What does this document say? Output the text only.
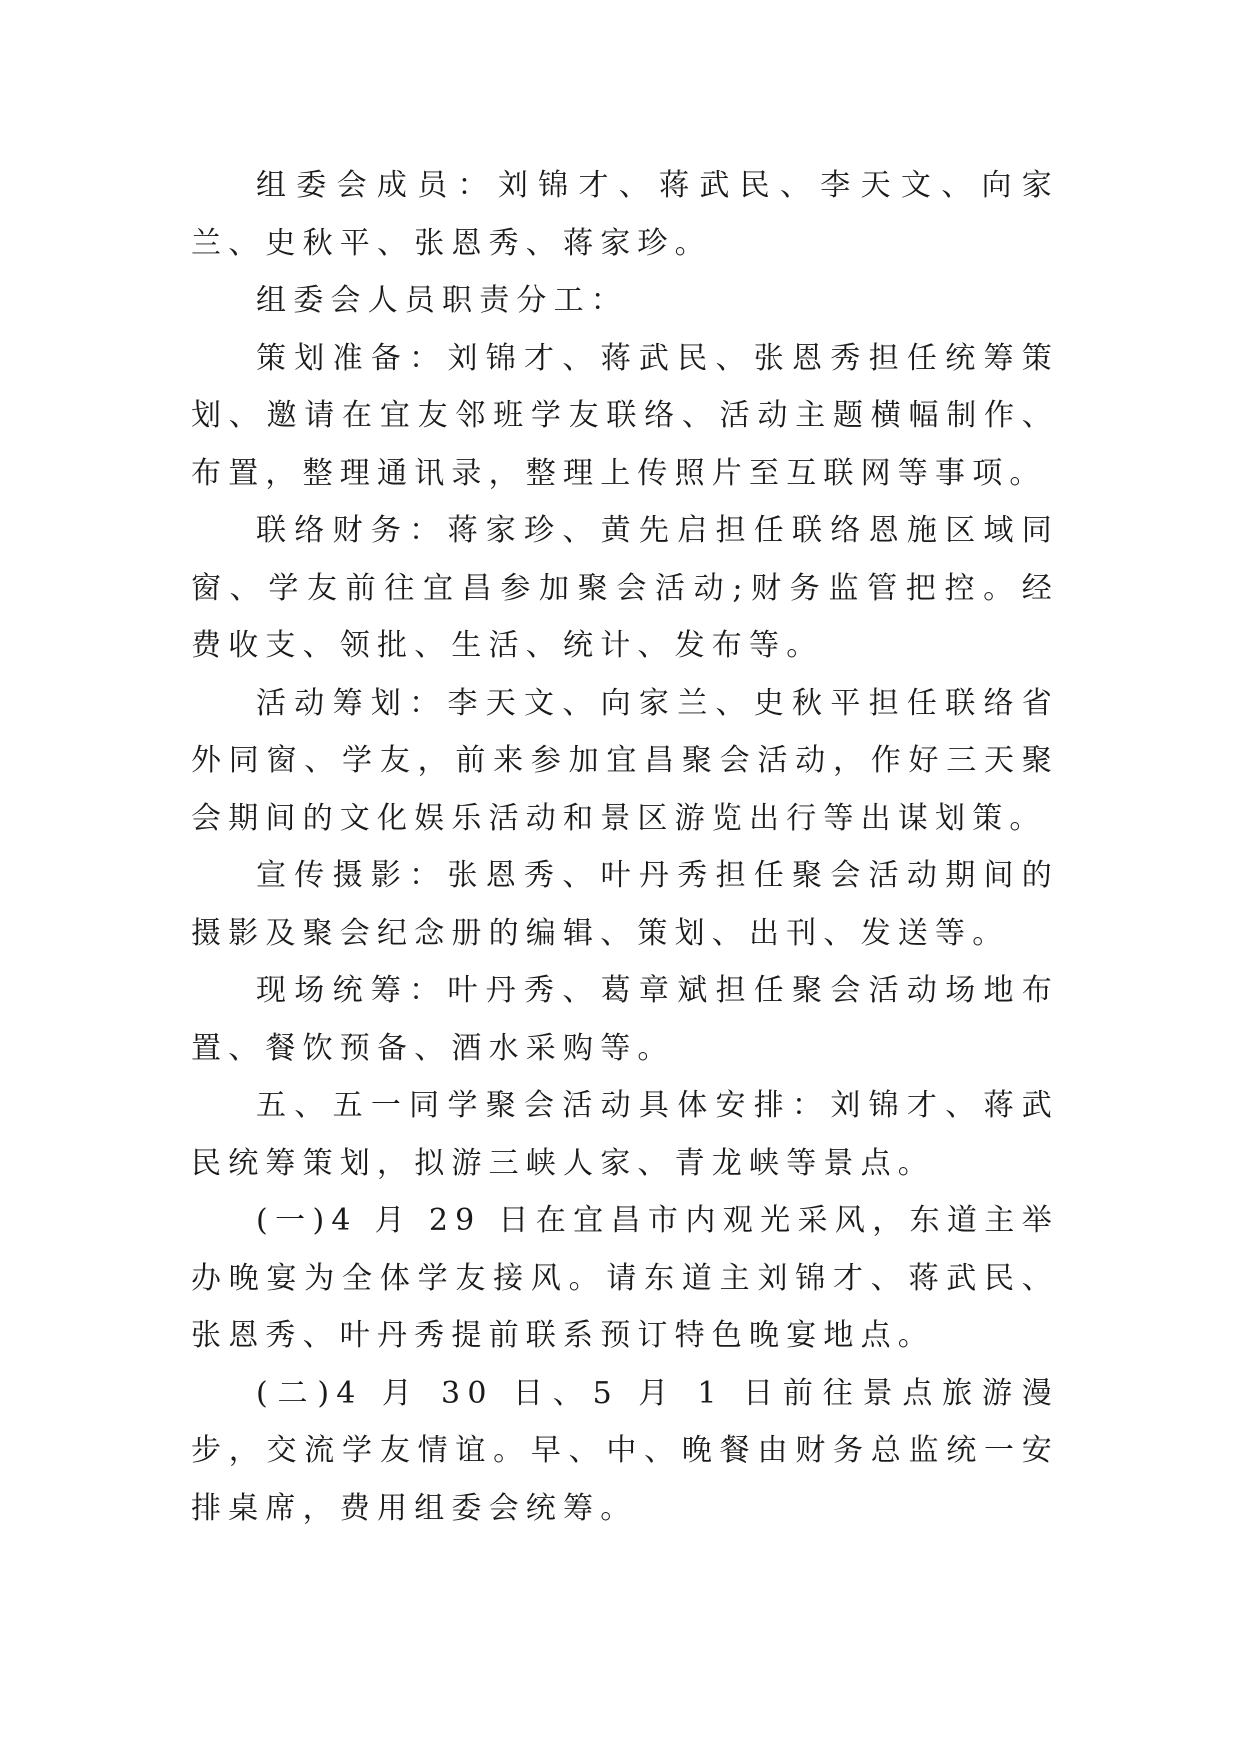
组委会成员：刘锦才、蒋武民、李天文、向家兰、史秋平、张恩秀、蒋家珍。

组委会人员职责分工：

策划准备：刘锦才、蒋武民、张恩秀担任统筹策划、邀请在宜友邻班学友联络、活动主题横幅制作、布置，整理通讯录，整理上传照片至互联网等事项。

联络财务：蒋家珍、黄先启担任联络恩施区域同窗、学友前往宜昌参加聚会活动;财务监管把控。经费收支、领批、生活、统计、发布等。

活动筹划：李天文、向家兰、史秋平担任联络省外同窗、学友，前来参加宜昌聚会活动，作好三天聚会期间的文化娱乐活动和景区游览出行等出谋划策。

宣传摄影：张恩秀、叶丹秀担任聚会活动期间的摄影及聚会纪念册的编辑、策划、出刊、发送等。

现场统筹：叶丹秀、葛章斌担任聚会活动场地布置、餐饮预备、酒水采购等。

五、五一同学聚会活动具体安排：刘锦才、蒋武民统筹策划，拟游三峡人家、青龙峡等景点。

(一)4 月 29 日在宜昌市内观光采风，东道主举办晚宴为全体学友接风。请东道主刘锦才、蒋武民、张恩秀、叶丹秀提前联系预订特色晚宴地点。

(二)4 月 30 日、5 月 1 日前往景点旅游漫步，交流学友情谊。早、中、晚餐由财务总监统一安排桌席，费用组委会统筹。
